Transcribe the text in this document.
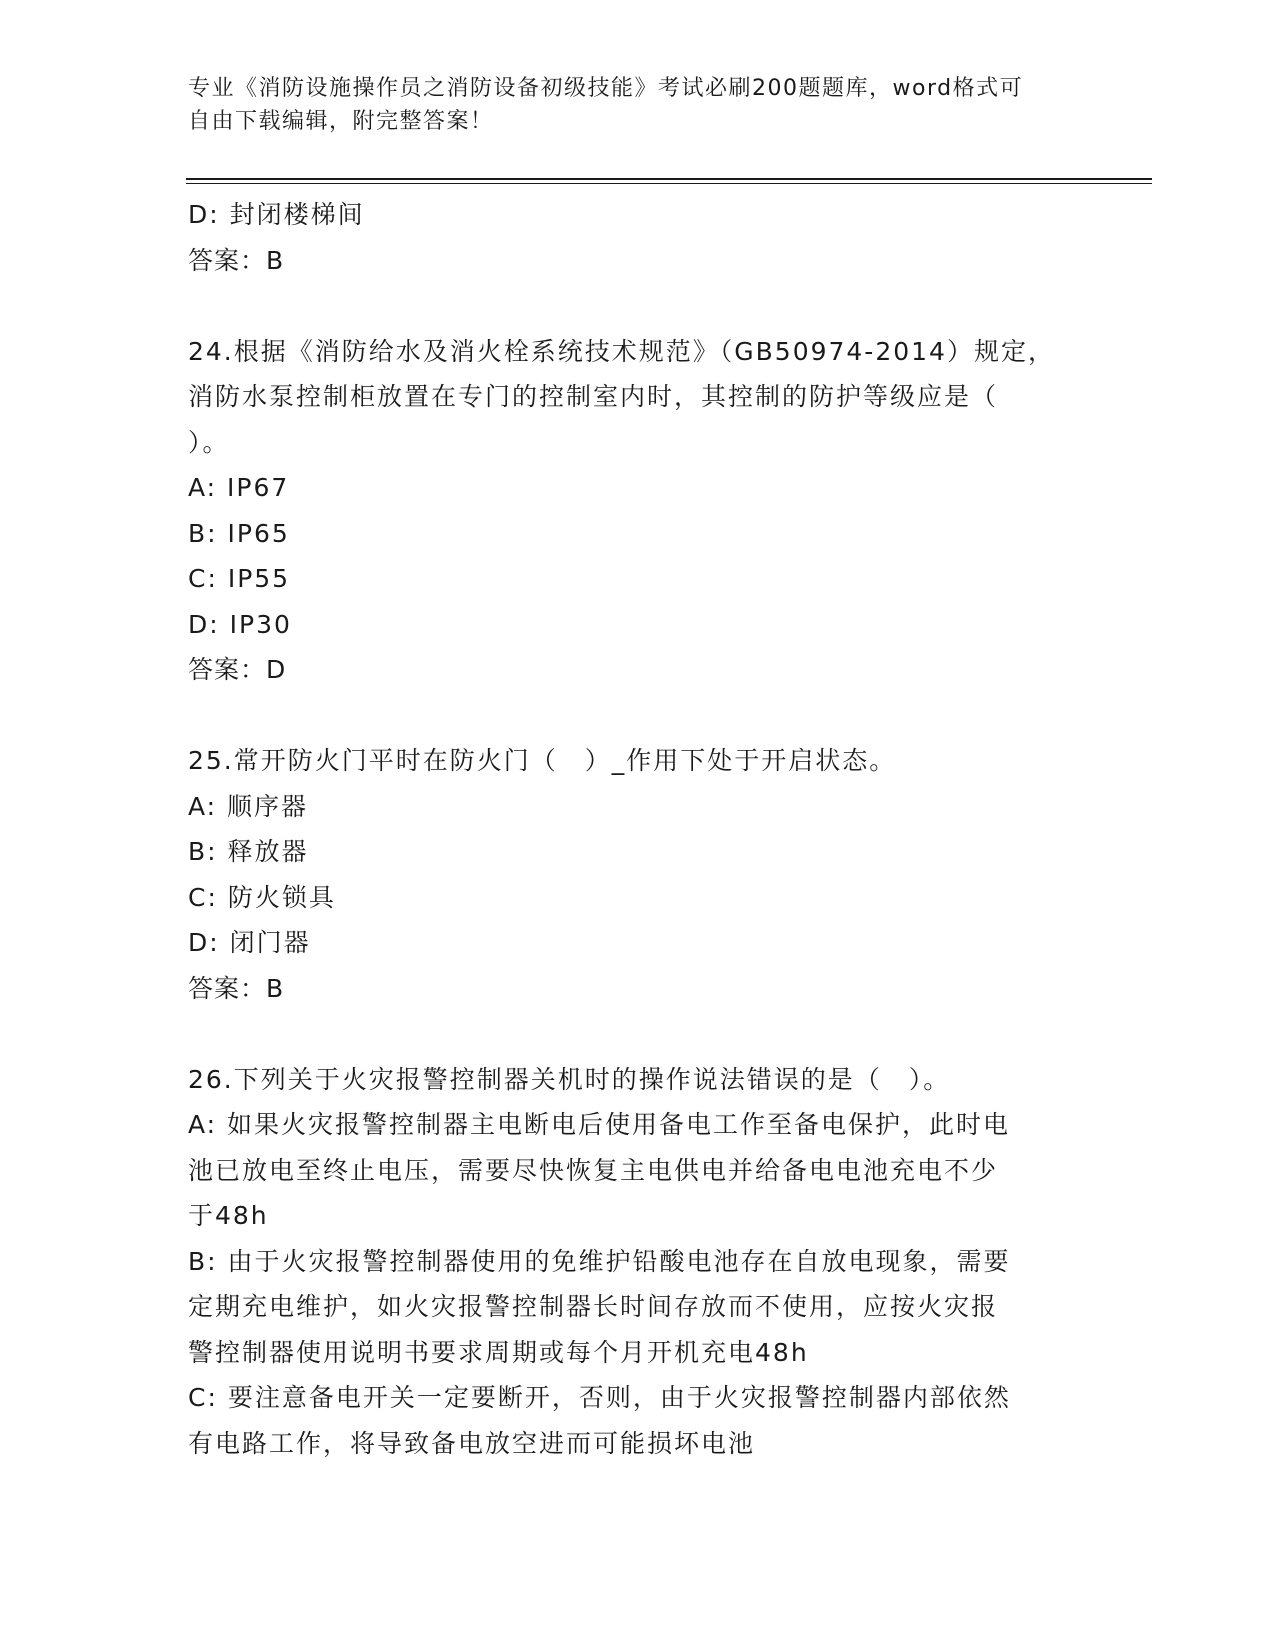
专业《消防设施操作员之消防设备初级技能》考试必刷200题题库，word格式可
自由下载编辑，附完整答案！
D: 封闭楼梯间
答案：B
24.根据《消防给水及消火栓系统技术规范》（GB50974-2014）规定，
消防水泵控制柜放置在专门的控制室内时，其控制的防护等级应是（
）。
A: IP67
B: IP65
C: IP55
D: IP30
答案：D
25.常开防火门平时在防火门（　）_作用下处于开启状态。
A: 顺序器
B: 释放器
C: 防火锁具
D: 闭门器
答案：B
26.下列关于火灾报警控制器关机时的操作说法错误的是（　）。
A: 如果火灾报警控制器主电断电后使用备电工作至备电保护，此时电
池已放电至终止电压，需要尽快恢复主电供电并给备电电池充电不少
于48h
B: 由于火灾报警控制器使用的免维护铅酸电池存在自放电现象，需要
定期充电维护，如火灾报警控制器长时间存放而不使用，应按火灾报
警控制器使用说明书要求周期或每个月开机充电48h
C: 要注意备电开关一定要断开，否则，由于火灾报警控制器内部依然
有电路工作，将导致备电放空进而可能损坏电池
